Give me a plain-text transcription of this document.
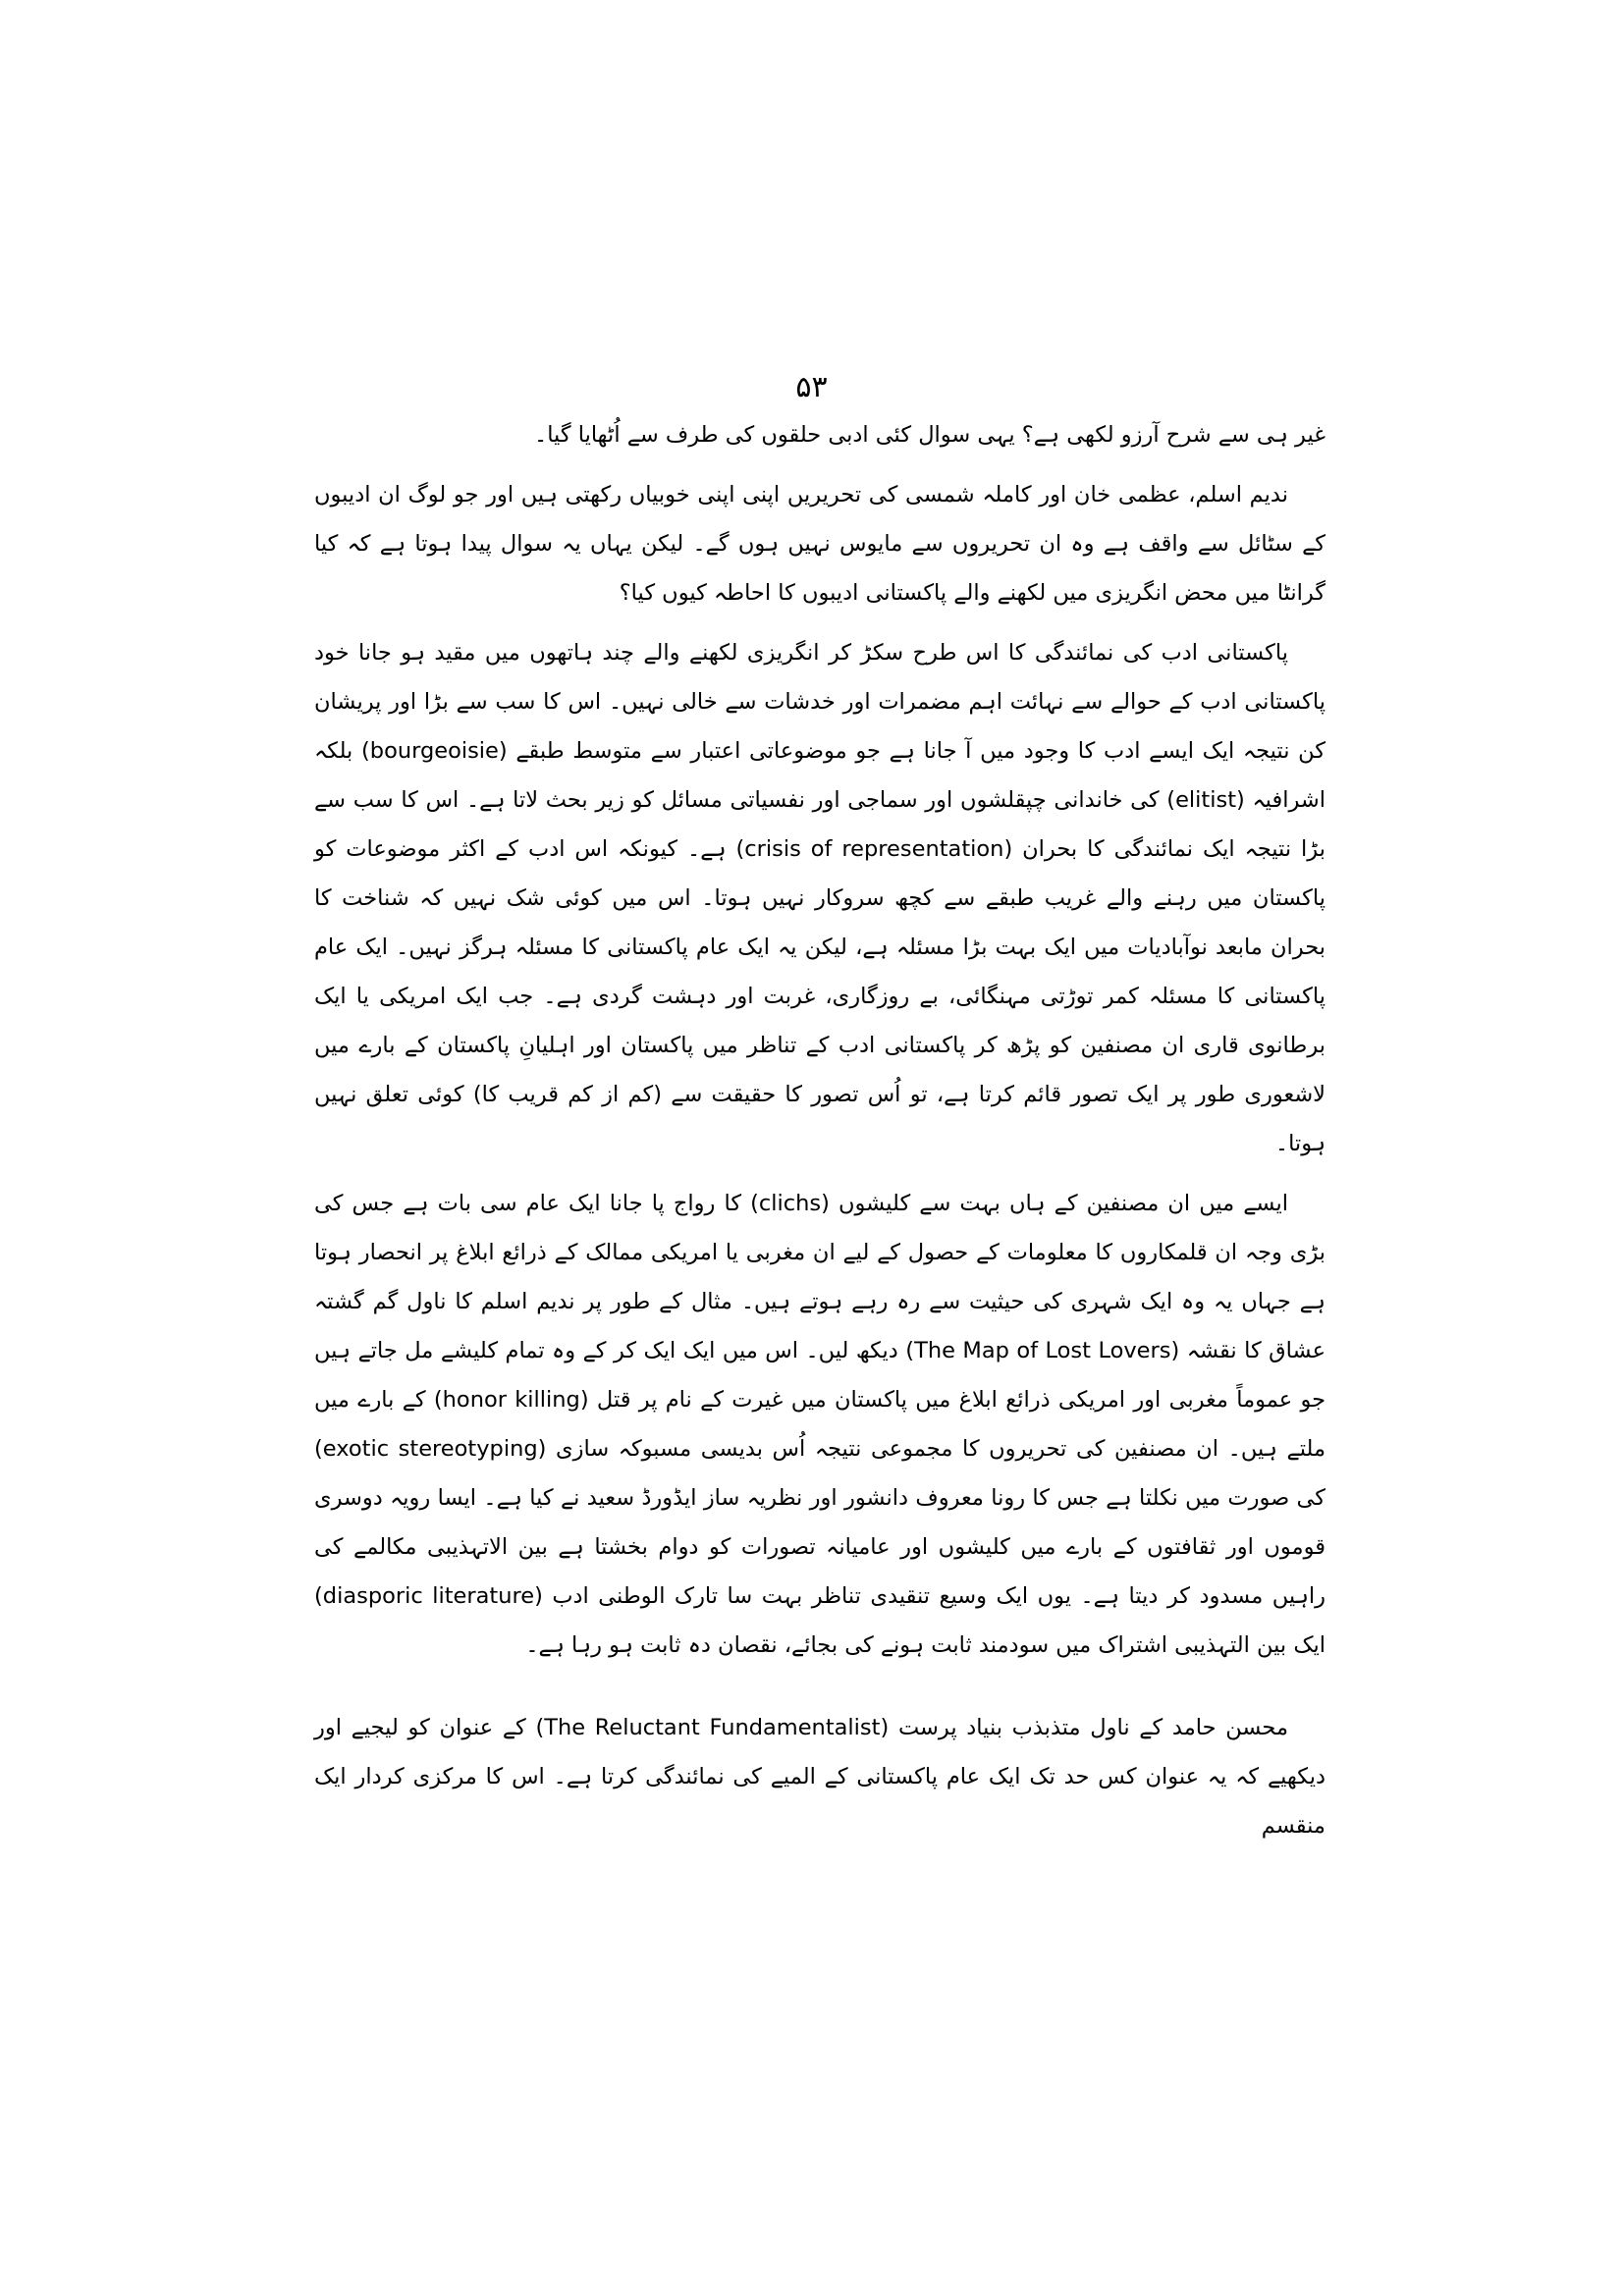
۵۳

غیر ہی سے شرح آرزو لکھی ہے؟ یہی سوال کئی ادبی حلقوں کی طرف سے اُٹھایا گیا۔

ندیم اسلم، عظمی خان اور کاملہ شمسی کی تحریریں اپنی اپنی خوبیاں رکھتی ہیں اور جو لوگ ان ادیبوں کے سٹائل سے واقف ہے وہ ان تحریروں سے مایوس نہیں ہوں گے۔ لیکن یہاں یہ سوال پیدا ہوتا ہے کہ کیا گرانٹا میں محض انگریزی میں لکھنے والے پاکستانی ادیبوں کا احاطہ کیوں کیا؟

پاکستانی ادب کی نمائندگی کا اس طرح سکڑ کر انگریزی لکھنے والے چند ہاتھوں میں مقید ہو جانا خود پاکستانی ادب کے حوالے سے نہائت اہم مضمرات اور خدشات سے خالی نہیں۔ اس کا سب سے بڑا اور پریشان کن نتیجہ ایک ایسے ادب کا وجود میں آ جانا ہے جو موضوعاتی اعتبار سے متوسط طبقے (bourgeoisie) بلکہ اشرافیہ (elitist) کی خاندانی چپقلشوں اور سماجی اور نفسیاتی مسائل کو زیر بحث لاتا ہے۔ اس کا سب سے بڑا نتیجہ ایک نمائندگی کا بحران (crisis of representation) ہے۔ کیونکہ اس ادب کے اکثر موضوعات کو پاکستان میں رہنے والے غریب طبقے سے کچھ سروکار نہیں ہوتا۔ اس میں کوئی شک نہیں کہ شناخت کا بحران مابعد نوآبادیات میں ایک بہت بڑا مسئلہ ہے، لیکن یہ ایک عام پاکستانی کا مسئلہ ہرگز نہیں۔ ایک عام پاکستانی کا مسئلہ کمر توڑتی مہنگائی، بے روزگاری، غربت اور دہشت گردی ہے۔ جب ایک امریکی یا ایک برطانوی قاری ان مصنفین کو پڑھ کر پاکستانی ادب کے تناظر میں پاکستان اور اہلیانِ پاکستان کے بارے میں لاشعوری طور پر ایک تصور قائم کرتا ہے، تو اُس تصور کا حقیقت سے (کم از کم قریب کا) کوئی تعلق نہیں ہوتا۔

ایسے میں ان مصنفین کے ہاں بہت سے کلیشوں (clichs) کا رواج پا جانا ایک عام سی بات ہے جس کی بڑی وجہ ان قلمکاروں کا معلومات کے حصول کے لیے ان مغربی یا امریکی ممالک کے ذرائع ابلاغ پر انحصار ہوتا ہے جہاں یہ وہ ایک شہری کی حیثیت سے رہ رہے ہوتے ہیں۔ مثال کے طور پر ندیم اسلم کا ناول گم گشتہ عشاق کا نقشہ (The Map of Lost Lovers) دیکھ لیں۔ اس میں ایک ایک کر کے وہ تمام کلیشے مل جاتے ہیں جو عموماً مغربی اور امریکی ذرائع ابلاغ میں پاکستان میں غیرت کے نام پر قتل (honor killing) کے بارے میں ملتے ہیں۔ ان مصنفین کی تحریروں کا مجموعی نتیجہ اُس بدیسی مسبوکہ سازی (exotic stereotyping) کی صورت میں نکلتا ہے جس کا رونا معروف دانشور اور نظریہ ساز ایڈورڈ سعید نے کیا ہے۔ ایسا رویہ دوسری قوموں اور ثقافتوں کے بارے میں کلیشوں اور عامیانہ تصورات کو دوام بخشتا ہے بین الاتہذیبی مکالمے کی راہیں مسدود کر دیتا ہے۔ یوں ایک وسیع تنقیدی تناظر بہت سا تارک الوطنی ادب (diasporic literature) ایک بین التہذیبی اشتراک میں سودمند ثابت ہونے کی بجائے، نقصان دہ ثابت ہو رہا ہے۔

محسن حامد کے ناول متذبذب بنیاد پرست (The Reluctant Fundamentalist) کے عنوان کو لیجیے اور دیکھیے کہ یہ عنوان کس حد تک ایک عام پاکستانی کے المیے کی نمائندگی کرتا ہے۔ اس کا مرکزی کردار ایک منقسم
